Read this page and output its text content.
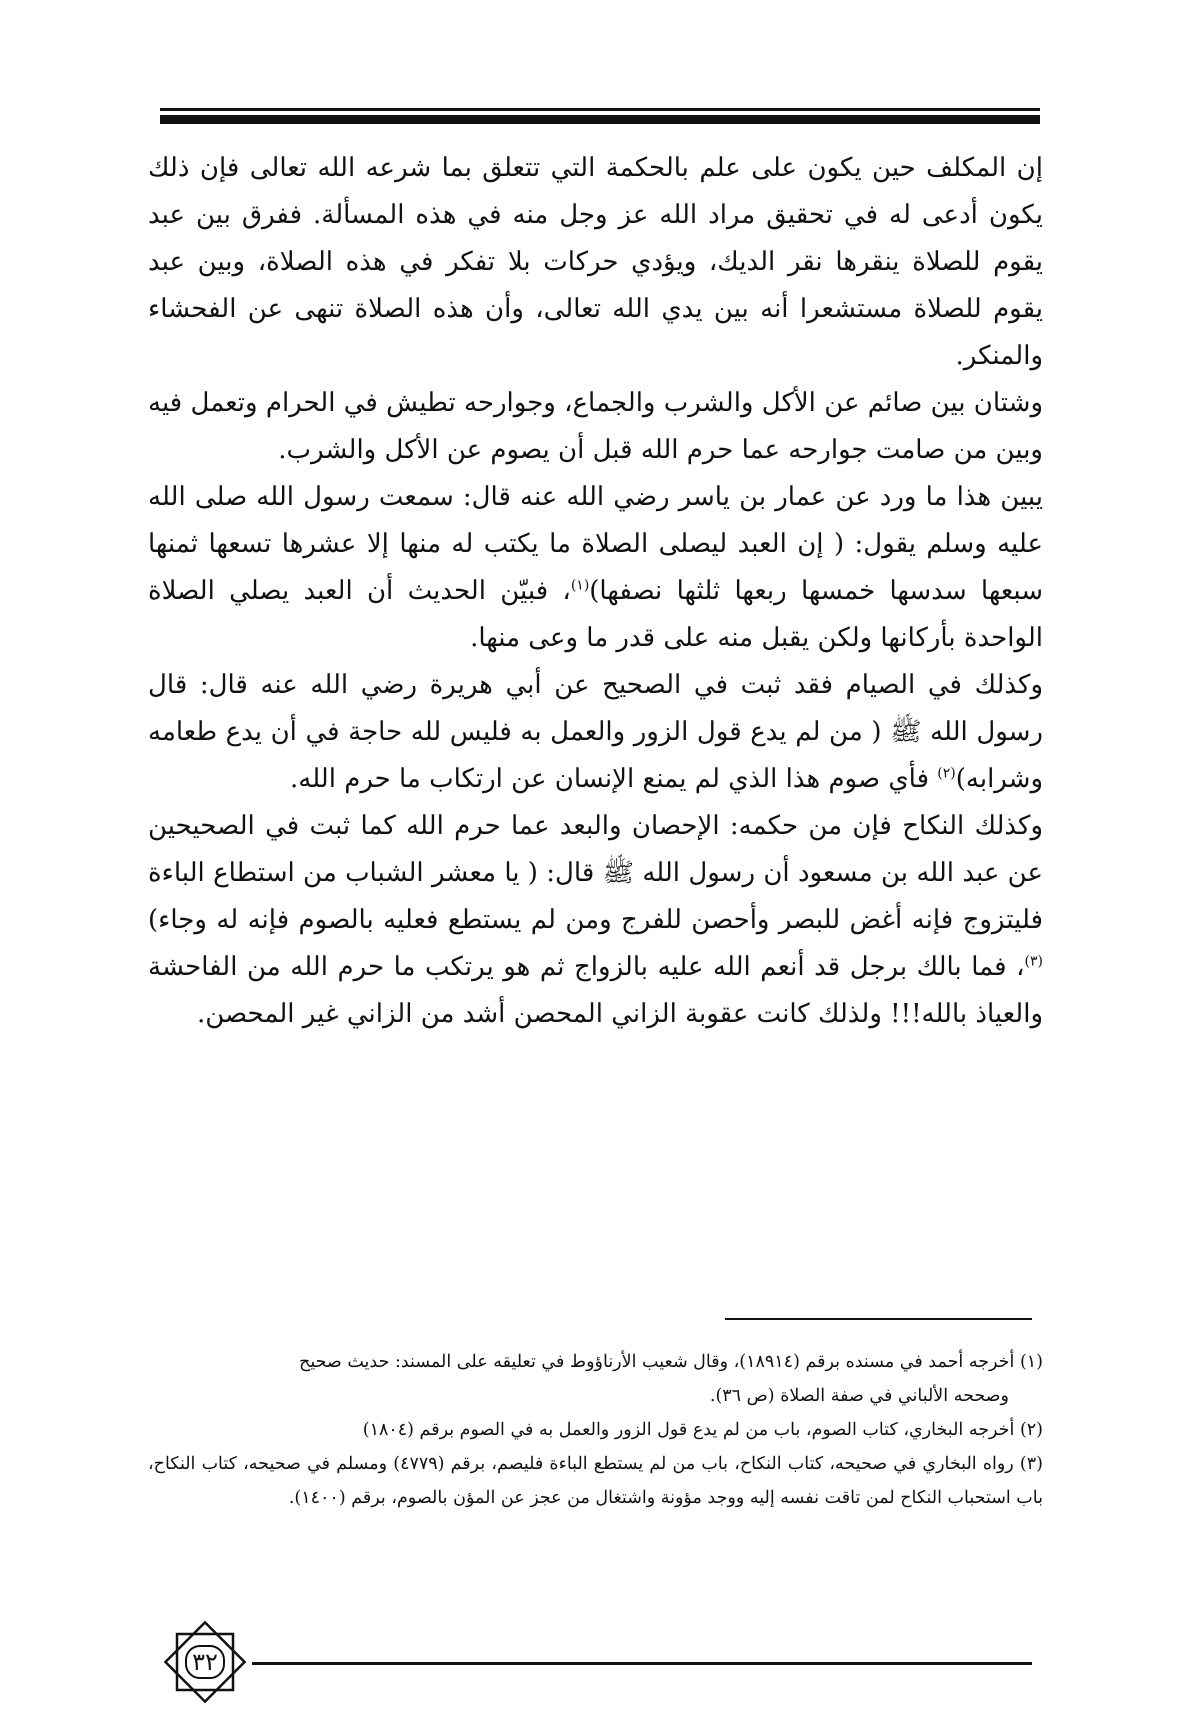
إن المكلف حين يكون على علم بالحكمة التي تتعلق بما شرعه الله تعالى فإن ذلك يكون أدعى له في تحقيق مراد الله عز وجل منه في هذه المسألة. ففرق بين عبد يقوم للصلاة ينقرها نقر الديك، ويؤدي حركات بلا تفكر في هذه الصلاة، وبين عبد يقوم للصلاة مستشعرا أنه بين يدي الله تعالى، وأن هذه الصلاة تنهى عن الفحشاء والمنكر.

وشتان بين صائم عن الأكل والشرب والجماع، وجوارحه تطيش في الحرام وتعمل فيه وبين من صامت جوارحه عما حرم الله قبل أن يصوم عن الأكل والشرب.

يبين هذا ما ورد عن عمار بن ياسر رضي الله عنه قال: سمعت رسول الله صلى الله عليه وسلم يقول: ( إن العبد ليصلى الصلاة ما يكتب له منها إلا عشرها تسعها ثمنها سبعها سدسها خمسها ربعها ثلثها نصفها)$^{(١)}$، فبيّن الحديث أن العبد يصلي الصلاة الواحدة بأركانها ولكن يقبل منه على قدر ما وعى منها.

وكذلك في الصيام فقد ثبت في الصحيح عن أبي هريرة رضي الله عنه قال: قال رسول الله ﷺ ( من لم يدع قول الزور والعمل به فليس لله حاجة في أن يدع طعامه وشرابه)$^{(٢)}$ فأي صوم هذا الذي لم يمنع الإنسان عن ارتكاب ما حرم الله.

وكذلك النكاح فإن من حكمه: الإحصان والبعد عما حرم الله كما ثبت في الصحيحين عن عبد الله بن مسعود أن رسول الله ﷺ قال: ( يا معشر الشباب من استطاع الباءة فليتزوج فإنه أغض للبصر وأحصن للفرج ومن لم يستطع فعليه بالصوم فإنه له وجاء)$^{(٣)}$، فما بالك برجل قد أنعم الله عليه بالزواج ثم هو يرتكب ما حرم الله من الفاحشة والعياذ بالله!!! ولذلك كانت عقوبة الزاني المحصن أشد من الزاني غير المحصن.

(١) أخرجه أحمد في مسنده برقم (١٨٩١٤)، وقال شعيب الأرناؤوط في تعليقه على المسند: حديث صحيح

وصححه الألباني في صفة الصلاة (ص ٣٦).

(٢) أخرجه البخاري، كتاب الصوم، باب من لم يدع قول الزور والعمل به في الصوم برقم (١٨٠٤)

(٣) رواه البخاري في صحيحه، كتاب النكاح، باب من لم يستطع الباءة فليصم، برقم (٤٧٧٩) ومسلم في صحيحه، كتاب النكاح، باب استحباب النكاح لمن تاقت نفسه إليه ووجد مؤونة واشتغال من عجز عن المؤن بالصوم، برقم (١٤٠٠).

٣٢
